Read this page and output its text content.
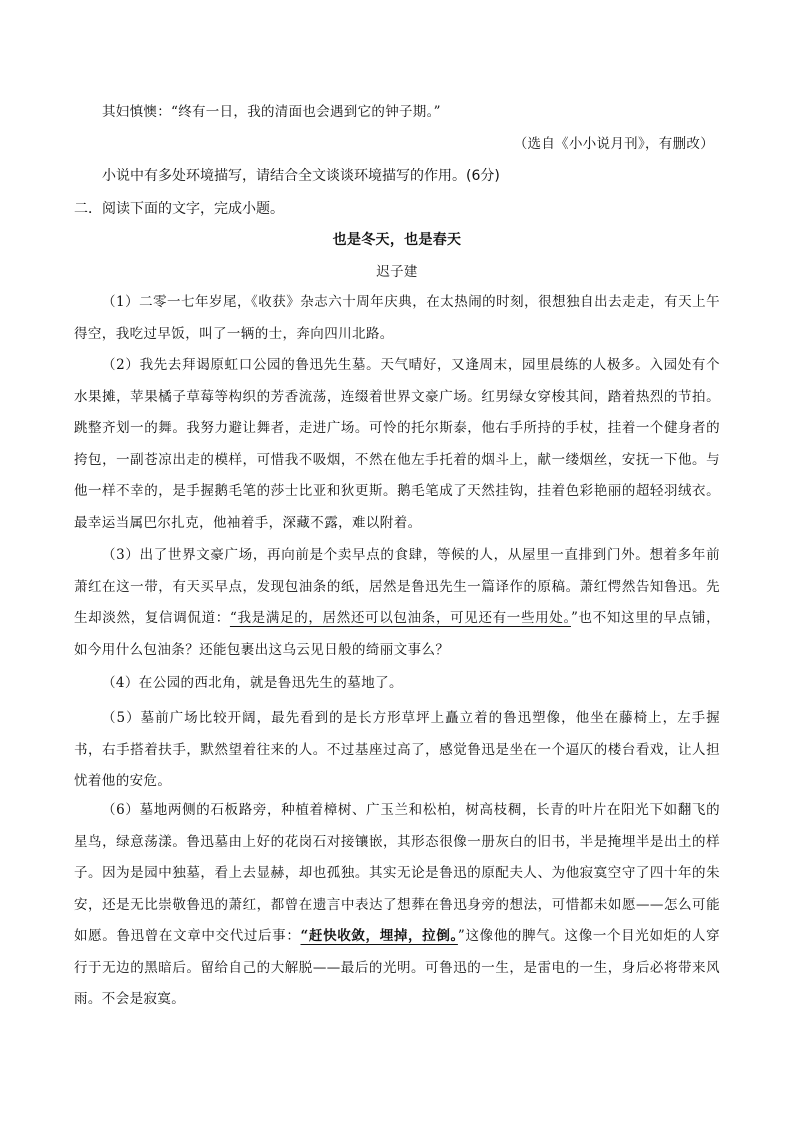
其妇慎懊：“终有一日，我的清面也会遇到它的钟子期。”
（选自《小小说月刊》，有删改）
小说中有多处环境描写，请结合全文谈谈环境描写的作用。(6分)
二．阅读下面的文字，完成小题。
也是冬天，也是春天
迟子建
（1）二零一七年岁尾，《收获》杂志六十周年庆典，在太热闹的时刻，很想独自出去走走，有天上午得空，我吃过早饭，叫了一辆的士，奔向四川北路。
（2）我先去拜谒原虹口公园的鲁迅先生墓。天气晴好，又逢周末，园里晨练的人极多。入园处有个水果摊，苹果橘子草莓等构织的芳香流荡，连缀着世界文豪广场。红男绿女穿梭其间，踏着热烈的节拍。跳整齐划一的舞。我努力避让舞者，走进广场。可怜的托尔斯泰，他右手所持的手杖，挂着一个健身者的挎包，一副苍凉出走的模样，可惜我不吸烟，不然在他左手托着的烟斗上，献一缕烟丝，安抚一下他。与他一样不幸的，是手握鹅毛笔的莎士比亚和狄更斯。鹅毛笔成了天然挂钩，挂着色彩艳丽的超轻羽绒衣。最幸运当属巴尔扎克，他袖着手，深藏不露，难以附着。
（3）出了世界文豪广场，再向前是个卖早点的食肆，等候的人，从屋里一直排到门外。想着多年前萧红在这一带，有天买早点，发现包油条的纸，居然是鲁迅先生一篇译作的原稿。萧红愕然告知鲁迅。先生却淡然，复信调侃道：“我是满足的，居然还可以包油条，可见还有一些用处。”也不知这里的早点铺，如今用什么包油条？还能包裹出这乌云见日般的绮丽文事么？
（4）在公园的西北角，就是鲁迅先生的墓地了。
（5）墓前广场比较开阔，最先看到的是长方形草坪上矗立着的鲁迅塑像，他坐在藤椅上，左手握书，右手搭着扶手，默然望着往来的人。不过基座过高了，感觉鲁迅是坐在一个逼仄的楼台看戏，让人担忧着他的安危。
（6）墓地两侧的石板路旁，种植着樟树、广玉兰和松柏，树高枝稠，长青的叶片在阳光下如翻飞的星鸟，绿意荡漾。鲁迅墓由上好的花岗石对接镶嵌，其形态很像一册灰白的旧书，半是掩埋半是出土的样子。因为是园中独墓，看上去显赫，却也孤独。其实无论是鲁迅的原配夫人、为他寂寞空守了四十年的朱安，还是无比崇敬鲁迅的萧红，都曾在遗言中表达了想葬在鲁迅身旁的想法，可惜都未如愿——怎么可能如愿。鲁迅曾在文章中交代过后事：“赶快收敛，埋掉，拉倒。”这像他的脾气。这像一个目光如炬的人穿行于无边的黑暗后。留给自己的大解脱——最后的光明。可鲁迅的一生，是雷电的一生，身后必将带来风雨。不会是寂寞。
